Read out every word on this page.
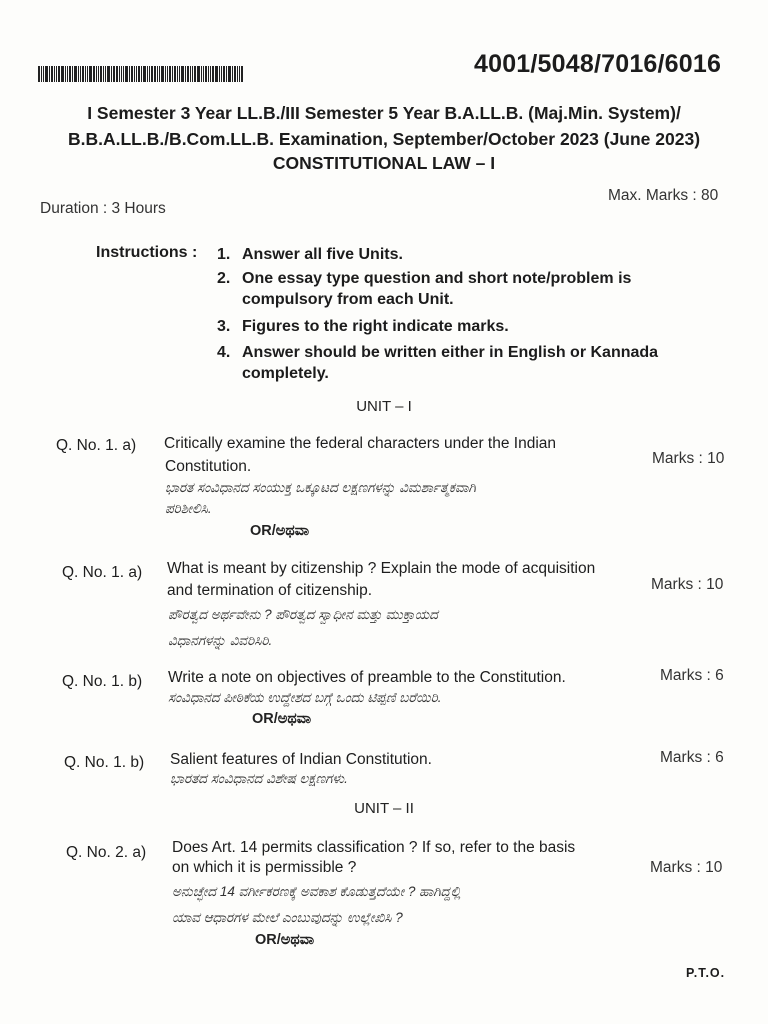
4001/5048/7016/6016
I Semester 3 Year LL.B./III Semester 5 Year B.A.LL.B. (Maj.Min. System)/
B.B.A.LL.B./B.Com.LL.B. Examination, September/October 2023 (June 2023)
CONSTITUTIONAL LAW – I
Duration : 3 Hours
Max. Marks : 80
Instructions : 1. Answer all five Units.
2. One essay type question and short note/problem is compulsory from each Unit.
3. Figures to the right indicate marks.
4. Answer should be written either in English or Kannada completely.
UNIT – I
Q. No. 1. a) Critically examine the federal characters under the Indian
Constitution.
ಭಾರತ ಸಂವಿಧಾನದ ಸಂಯುಕ್ತ ಒಕ್ಕೂಟದ ಲಕ್ಷಣಗಳನ್ನು ವಿಮರ್ಶಾತ್ಮಕವಾಗಿ
ಪರಿಶೀಲಿಸಿ.
Marks : 10
OR/ಅಥವಾ
Q. No. 1. a) What is meant by citizenship ? Explain the mode of acquisition
and termination of citizenship.
ಪೌರತ್ವದ ಅರ್ಥವೇನು ? ಪೌರತ್ವದ ಸ್ವಾಧೀನ ಮತ್ತು ಮುಕ್ತಾಯದ
ವಿಧಾನಗಳನ್ನು ವಿವರಿಸಿರಿ.
Marks : 10
Q. No. 1. b) Write a note on objectives of preamble to the Constitution.
ಸಂವಿಧಾನದ ಪೀಠಿಕೆಯ ಉದ್ದೇಶದ ಬಗ್ಗೆ ಒಂದು ಟಿಪ್ಪಣಿ ಬರೆಯಿರಿ.
Marks : 6
OR/ಅಥವಾ
Q. No. 1. b) Salient features of Indian Constitution.
ಭಾರತದ ಸಂವಿಧಾನದ ವಿಶೇಷ ಲಕ್ಷಣಗಳು.
Marks : 6
UNIT – II
Q. No. 2. a) Does Art. 14 permits classification ? If so, refer to the basis
on which it is permissible ?
ಅನುಚ್ಛೇದ 14 ವರ್ಗೀಕರಣಕ್ಕೆ ಅವಕಾಶ ಕೊಡುತ್ತದೆಯೇ ? ಹಾಗಿದ್ದಲ್ಲಿ
ಯಾವ ಆಧಾರಗಳ ಮೇಲೆ ಎಂಬುವುದನ್ನು ಉಲ್ಲೇಖಿಸಿ ?
Marks : 10
OR/ಅಥವಾ
P.T.O.
